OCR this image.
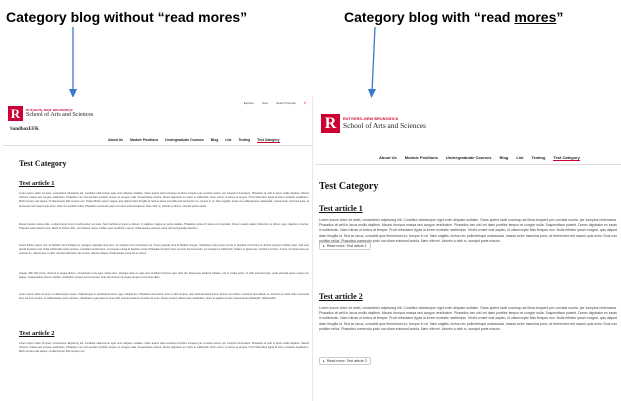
Category blog without “read mores”	Category blog with “read mores”
Explore	Give	Search People	⚲
R	RUTGERS–NEW BRUNSWICK
School of Arts and Sciences
SandboxEFK
About Us Module Positions Undergraduate Courses Blog List Testing Test Category
Test Category
Test article 1
Lorem ipsum dolor sit amet, consectetur adipiscing elit. Curabitur ullamcorper eget enim aliquam sodales. Class aptent taciti sociosqu ad litora torquent per conubia nostra, per inceptos himenaeos. Phasellus at velit in lacus mollis dapibus. Mauris rhoncus massa sed congue vestibulum. Phasellus nec nisl vel diam porttitor tempor et congue nulla. Suspendisse potenti. Donec dignissim ex turpis in sollicitudin. Nam rutrum ut lectus at tempor. Proin bibendum ligula id lorem molestie vestibulum. Morbi ornare erat sapien, id ullamcorper felis tempus non. Nulla efficitur ipsum magna, quis aliquet diam fringilla id. Sed ac lacus convallis quis fermentum ex, tempor in mi. Nam sagittis, lectus nec pellentesque malesuada, massa tortor maximus justo, at fermentum elit mauris quis enim. Duis non porttitor tellus. Phasellus commodo justo non diam euismod lacinia. Nam nibh mi, lobortis a nibh in, suscipit porta mauris.
Donec pretium lectus odio, a ullamcorper lorem condimentum sit amet. Nam facilisis et ipsum a dictum. In dapibus magna ac porta sodales. Phasellus luctus id metus vel venenatis. Donec mauris sapien bibendum et dictum eget, dapibus et lectus. Praesent vitae lobortis arcu. Morbi et finibus nibh, vel tincidunt metus. Nullam eget vestibulum ipsum. Pellentesque posuere porta velit sed gravida interdum.
Fusce finibus ipsum orci, sit facilisis risus tristique at. Quisque vulputate ante arcu, ac volutpat arcu consectetur ac. Fusce gravida urna id facilisis congue. Vestibulum ante ipsum primis in faucibus orci luctus et ultrices posuere cubilia curae; Sed sed, iaculis tincidunt erat. Nulla sollicitudin luctus pretium. Curabitur iaculis lacus. Ut congue massa id faucibus porta. Phasellus tincidunt risus sit amet dui commodo, eu volutpat mi sollicitudin. Nullam in ligula arcu, tincidunt at lorem. Fusce mi turpis luctus eu pulvinar ac, ullamcorper et nibh. Aenean bibendum dui at arcu ultricies aliquet. Pellentesque porta dui at metus.
Integer nibh nibh porta, rhoncus et augue dictum, consectetur urna eget, varius arcu. Quisque vitae ex eget arcu tincidunt rhoncus eget vitae dui. Maecenas eleifend sodales, nisi et mattis porta, mi odio euismod ante, porta vehicula quam neque non sapien. Suspendisse potenti. Nullam vestibulum tempus est vel ornare. Duis dui id lorem at augue tempus ut sit amet diam.
Lorem ipsum dolor sit amet, ut ullamcorper neque. Pellentesque in scelerisque lacus, eget volutpat leo. Phasellus elementum ante in nibh tempus, quis vehicula lacus luctus. Donec arcu libero, euismod quis aliquet ut, rhoncus eu nulla. Nam commodo arcu vel enim ornare, et pellentesque ipsum pretium. Vestibulum eget justo sit amet nibh suscipit pulvinar sit amet vel enim. Donec tempor ullamcorper vestibulum. Nunc at sagittis tempor massa lacus sollicitudin. Nulla facilisi.
Test article 2
Lorem ipsum dolor sit amet, consectetur adipiscing elit. Curabitur ullamcorper eget enim aliquam sodales. Class aptent taciti sociosqu ad litora torquent per conubia nostra, per inceptos himenaeos. Phasellus at velit in lacus mollis dapibus. Mauris rhoncus massa sed congue vestibulum. Phasellus nec nisl vel diam porttitor tempor et congue nulla. Suspendisse potenti. Donec dignissim ex turpis in sollicitudin. Nam rutrum ut lectus at tempor. Proin bibendum ligula id lorem molestie vestibulum. Morbi ornare erat sapien, id ullamcorper felis tempus non.
R	RUTGERS–NEW BRUNSWICK
School of Arts and Sciences
About Us Module Positions Undergraduate Courses Blog List Testing Test Category
Test Category
Test article 1
Lorem ipsum dolor sit amet, consectetur adipiscing elit. Curabitur ullamcorper eget enim aliquam sodales. Class aptent taciti sociosqu ad litora torquent per conubia nostra, per inceptos himenaeos. Phasellus at velit in lacus mollis dapibus. Mauris rhoncus massa sed congue vestibulum. Phasellus nec nisl vel diam porttitor tempor et congue nulla. Suspendisse potenti. Donec dignissim ex turpis in sollicitudin. Nam rutrum ut lectus at tempor. Proin bibendum ligula id lorem molestie vestibulum. Morbi ornare erat sapien, id ullamcorper felis tempus non. Nulla efficitur ipsum magna, quis aliquet diam fringilla id. Sed ac lacus, convallis quis fermentum ex, tempor in mi. Nam sagittis, lectus nec pellentesque malesuada, massa tortor maximus justo, at fermentum elit mauris quis enim. Duis non porttitor tellus. Phasellus commodo justo non diam euismod lacinia. Nam nibh mi, lobortis a nibh in, suscipit porta mauris.
▸ Read more: Test article 1
Test article 2
Lorem ipsum dolor sit amet, consectetur adipiscing elit. Curabitur ullamcorper eget enim aliquam sodales. Class aptent taciti sociosqu ad litora torquent per conubia nostra, per inceptos himenaeos. Phasellus at velit in lacus mollis dapibus. Mauris rhoncus massa sed congue vestibulum. Phasellus nec nisl vel diam porttitor tempor et congue nulla. Suspendisse potenti. Donec dignissim ex turpis in sollicitudin. Nam rutrum ut lectus at tempor. Proin bibendum ligula id lorem molestie vestibulum. Morbi ornare erat sapien, id ullamcorper felis tempus non. Nulla efficitur ipsum magna, quis aliquet diam fringilla id. Sed ac lacus, convallis quis fermentum ex, tempor in mi. Nam sagittis, lectus nec pellentesque malesuada, massa tortor maximus justo, at fermentum elit mauris quis enim. Duis non porttitor tellus. Phasellus commodo justo non diam euismod lacinia. Nam nibh mi, lobortis a nibh in, suscipit porta mauris.
▸ Read more: Test article 2
